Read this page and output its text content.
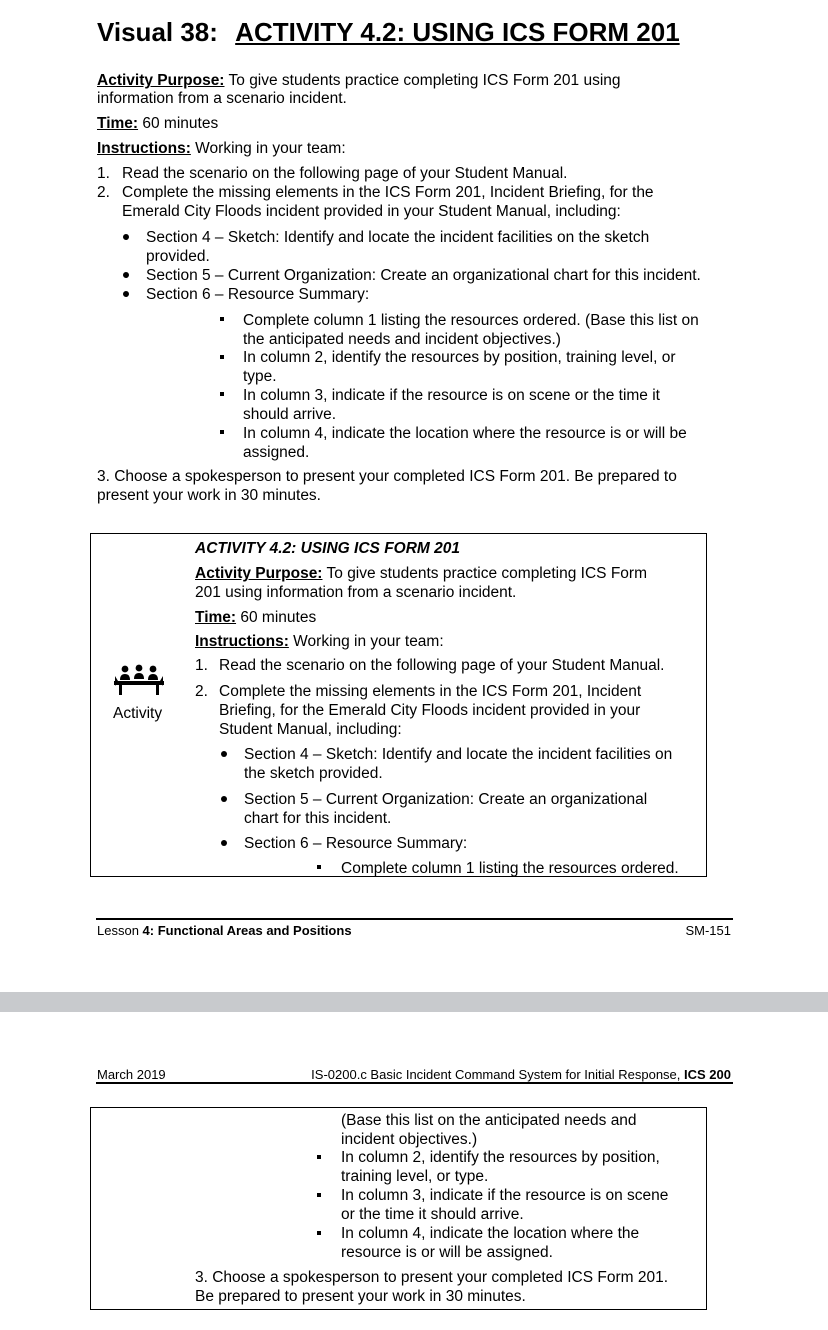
Visual 38: ACTIVITY 4.2: USING ICS FORM 201
Activity Purpose: To give students practice completing ICS Form 201 using
information from a scenario incident.
Time: 60 minutes
Instructions: Working in your team:
1. Read the scenario on the following page of your Student Manual.
2. Complete the missing elements in the ICS Form 201, Incident Briefing, for the
Emerald City Floods incident provided in your Student Manual, including:
Section 4 – Sketch: Identify and locate the incident facilities on the sketch
provided.
Section 5 – Current Organization: Create an organizational chart for this incident.
Section 6 – Resource Summary:
Complete column 1 listing the resources ordered. (Base this list on
the anticipated needs and incident objectives.)
In column 2, identify the resources by position, training level, or
type.
In column 3, indicate if the resource is on scene or the time it
should arrive.
In column 4, indicate the location where the resource is or will be
assigned.
3. Choose a spokesperson to present your completed ICS Form 201. Be prepared to
present your work in 30 minutes.
ACTIVITY 4.2: USING ICS FORM 201
Activity Purpose: To give students practice completing ICS Form
201 using information from a scenario incident.
Time: 60 minutes
Instructions: Working in your team:
Activity
1. Read the scenario on the following page of your Student Manual.
2. Complete the missing elements in the ICS Form 201, Incident
Briefing, for the Emerald City Floods incident provided in your
Student Manual, including:
Section 4 – Sketch: Identify and locate the incident facilities on
the sketch provided.
Section 5 – Current Organization: Create an organizational
chart for this incident.
Section 6 – Resource Summary:
Complete column 1 listing the resources ordered.
Lesson 4: Functional Areas and Positions	SM-151
March 2019	IS-0200.c Basic Incident Command System for Initial Response, ICS 200
(Base this list on the anticipated needs and
incident objectives.)
In column 2, identify the resources by position,
training level, or type.
In column 3, indicate if the resource is on scene
or the time it should arrive.
In column 4, indicate the location where the
resource is or will be assigned.
3. Choose a spokesperson to present your completed ICS Form 201.
Be prepared to present your work in 30 minutes.
